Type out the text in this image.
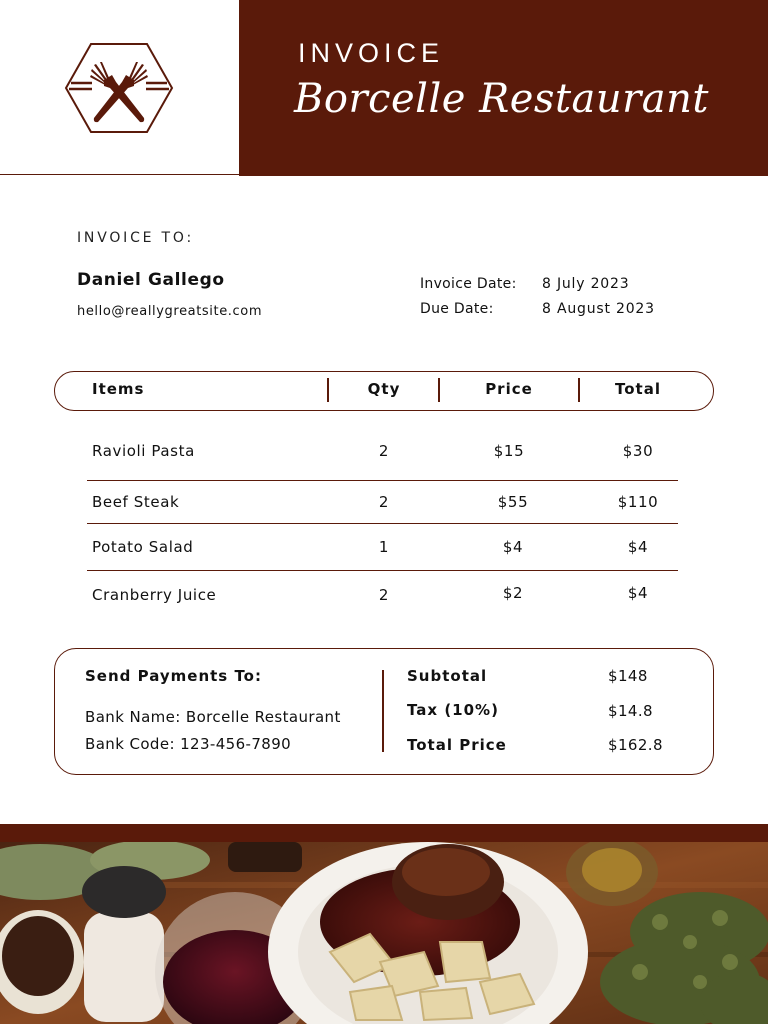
INVOICE
Borcelle Restaurant
INVOICE TO:
Daniel Gallego
hello@reallygreatsite.com
Invoice Date: 8 July 2023
Due Date:	8 August 2023
Items	Qty	Price	Total
Ravioli Pasta	2	$15	$30
Beef Steak	2	$55	$110
Potato Salad	1	$4	$4
Cranberry Juice	2	$2	$4
Send Payments To:
Bank Name: Borcelle Restaurant
Bank Code: 123-456-7890
Subtotal	$148
Tax (10%)	$14.8
Total Price	$162.8
